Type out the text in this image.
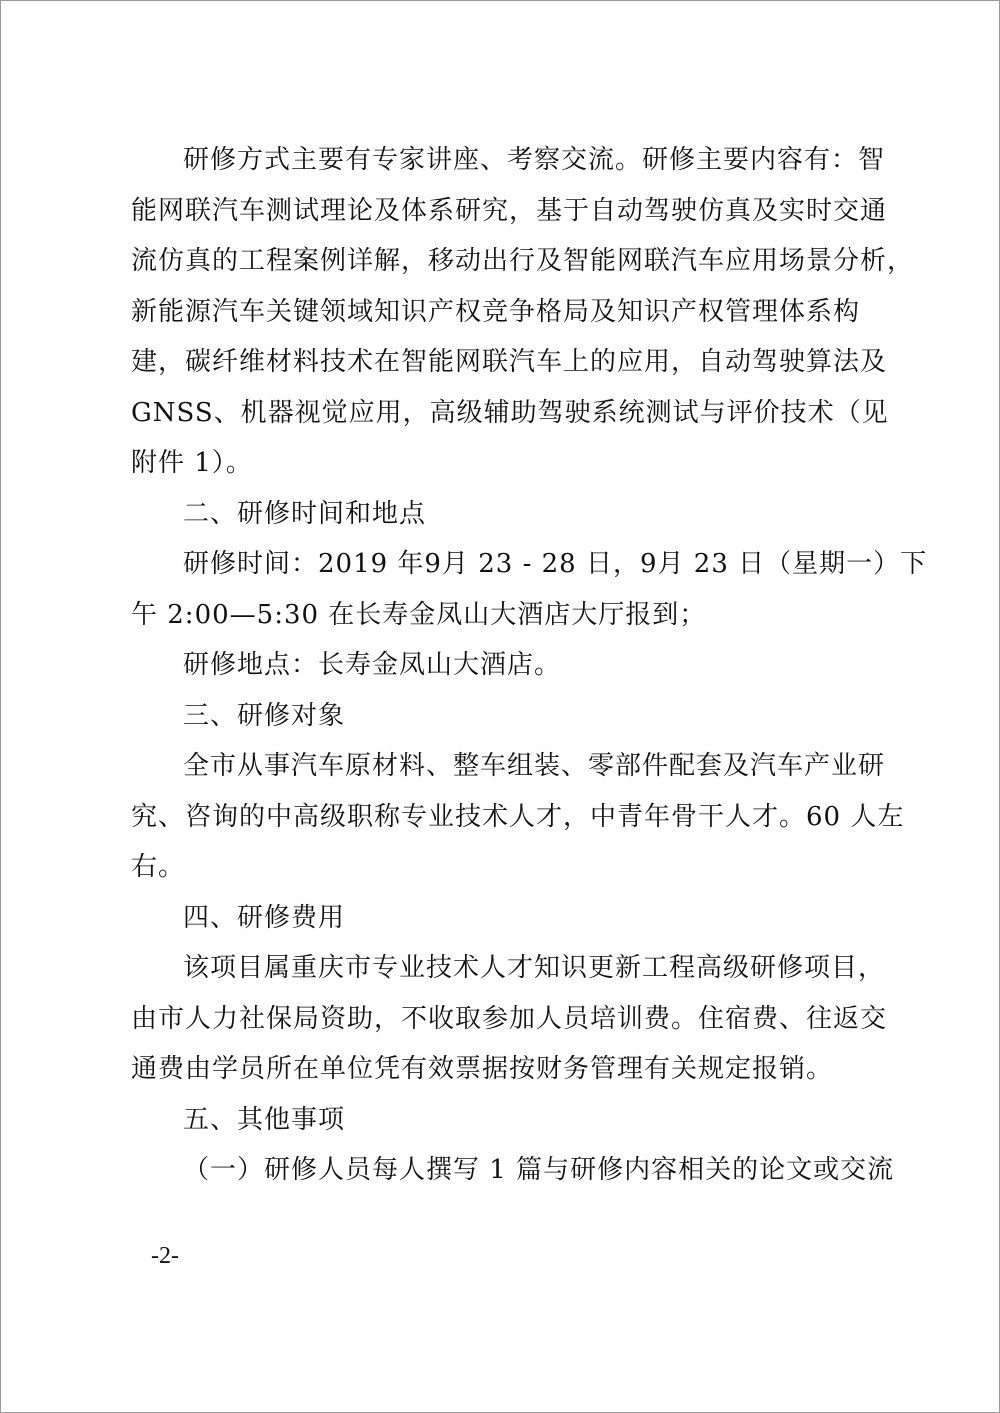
研修方式主要有专家讲座、考察交流。研修主要内容有：智
能网联汽车测试理论及体系研究，基于自动驾驶仿真及实时交通
流仿真的工程案例详解，移动出行及智能网联汽车应用场景分析，
新能源汽车关键领域知识产权竞争格局及知识产权管理体系构
建，碳纤维材料技术在智能网联汽车上的应用，自动驾驶算法及
GNSS、机器视觉应用，高级辅助驾驶系统测试与评价技术（见
附件 1）。
二、研修时间和地点
研修时间：2019 年9月 23 - 28 日，9月 23 日（星期一）下
午 2:00—5:30 在长寿金凤山大酒店大厅报到；
研修地点：长寿金凤山大酒店。
三、研修对象
全市从事汽车原材料、整车组装、零部件配套及汽车产业研
究、咨询的中高级职称专业技术人才，中青年骨干人才。60 人左
右。
四、研修费用
该项目属重庆市专业技术人才知识更新工程高级研修项目，
由市人力社保局资助，不收取参加人员培训费。住宿费、往返交
通费由学员所在单位凭有效票据按财务管理有关规定报销。
五、其他事项
（一）研修人员每人撰写 1 篇与研修内容相关的论文或交流
-2-
